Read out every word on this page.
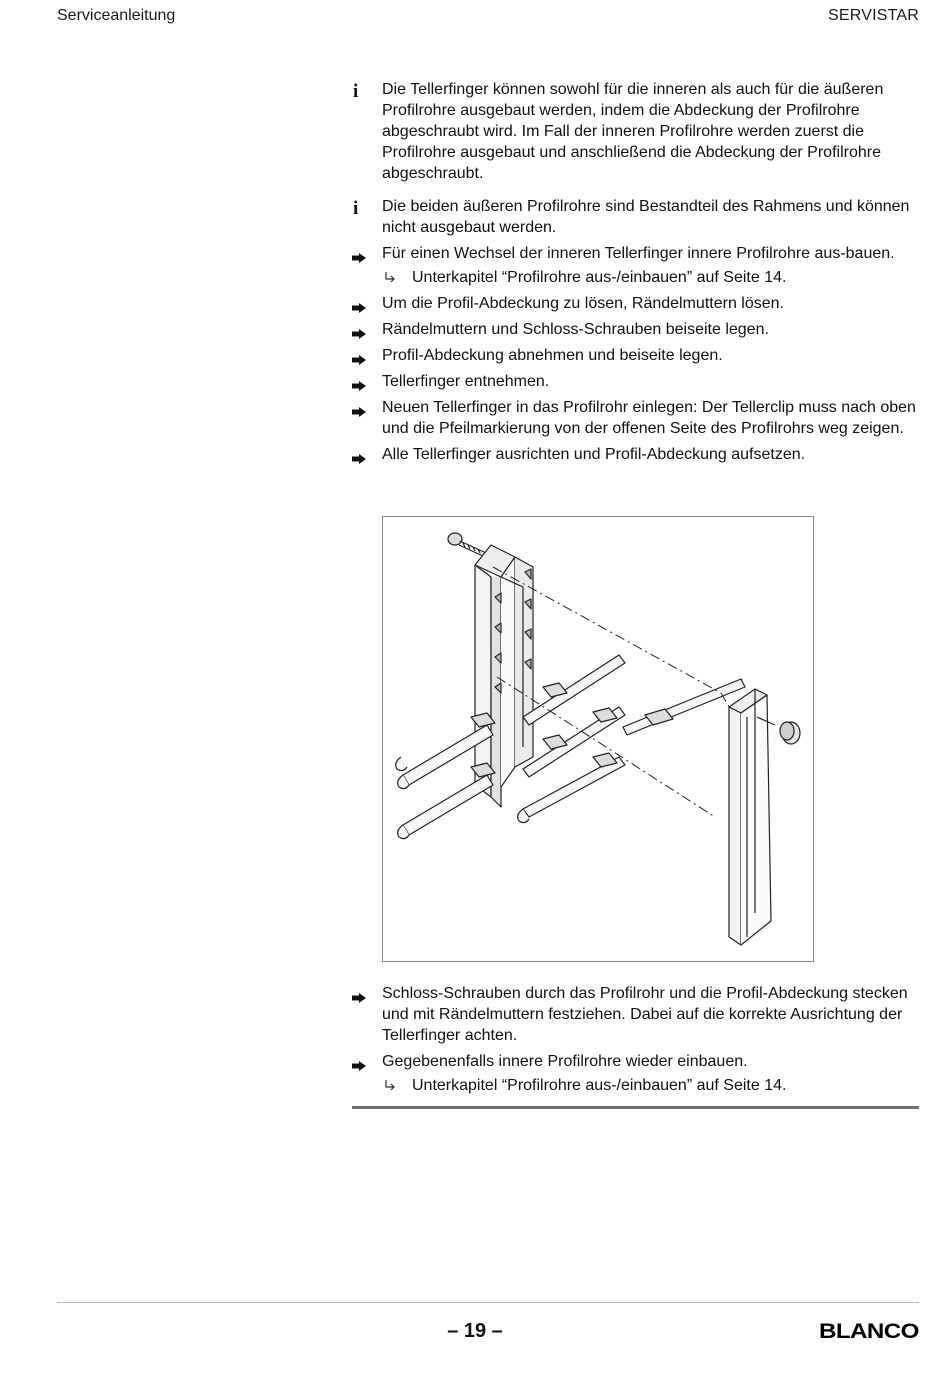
Serviceanleitung	SERVISTAR
i	Die Tellerfinger können sowohl für die inneren als auch für die äußeren Profilrohre ausgebaut werden, indem die Abdeckung der Profilrohre abgeschraubt wird. Im Fall der inneren Profilrohre werden zuerst die Profilrohre ausgebaut und anschließend die Abdeckung der Profilrohre abgeschraubt.
i	Die beiden äußeren Profilrohre sind Bestandteil des Rahmens und können nicht ausgebaut werden.
Für einen Wechsel der inneren Tellerfinger innere Profilrohre aus-bauen.
Unterkapitel “Profilrohre aus-/einbauen” auf Seite 14.
Um die Profil-Abdeckung zu lösen, Rändelmuttern lösen.
Rändelmuttern und Schloss-Schrauben beiseite legen.
Profil-Abdeckung abnehmen und beiseite legen.
Tellerfinger entnehmen.
Neuen Tellerfinger in das Profilrohr einlegen: Der Tellerclip muss nach oben und die Pfeilmarkierung von der offenen Seite des Profilrohrs weg zeigen.
Alle Tellerfinger ausrichten und Profil-Abdeckung aufsetzen.
Schloss-Schrauben durch das Profilrohr und die Profil-Abdeckung stecken und mit Rändelmuttern festziehen. Dabei auf die korrekte Ausrichtung der Tellerfinger achten.
Gegebenenfalls innere Profilrohre wieder einbauen.
Unterkapitel “Profilrohre aus-/einbauen” auf Seite 14.
– 19 –	BLANCO
